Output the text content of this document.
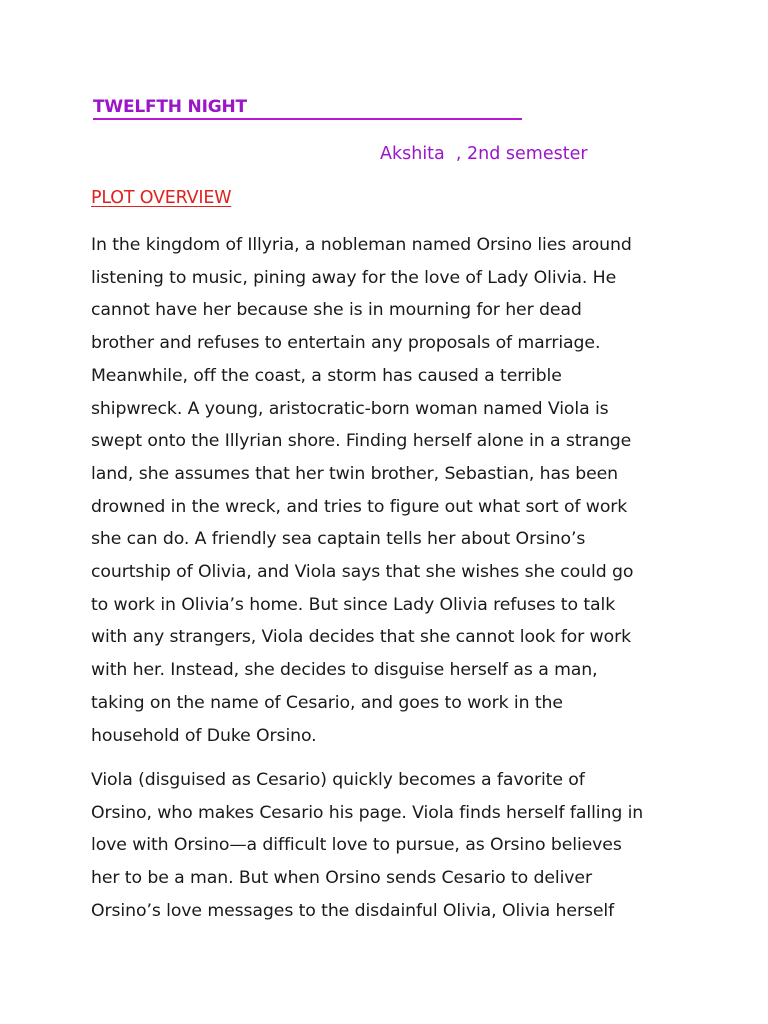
TWELFTH NIGHT
Akshita  , 2nd semester
PLOT OVERVIEW

In the kingdom of Illyria, a nobleman named Orsino lies around
listening to music, pining away for the love of Lady Olivia. He
cannot have her because she is in mourning for her dead
brother and refuses to entertain any proposals of marriage.
Meanwhile, off the coast, a storm has caused a terrible
shipwreck. A young, aristocratic-born woman named Viola is
swept onto the Illyrian shore. Finding herself alone in a strange
land, she assumes that her twin brother, Sebastian, has been
drowned in the wreck, and tries to figure out what sort of work
she can do. A friendly sea captain tells her about Orsino’s
courtship of Olivia, and Viola says that she wishes she could go
to work in Olivia’s home. But since Lady Olivia refuses to talk
with any strangers, Viola decides that she cannot look for work
with her. Instead, she decides to disguise herself as a man,
taking on the name of Cesario, and goes to work in the
household of Duke Orsino.

Viola (disguised as Cesario) quickly becomes a favorite of
Orsino, who makes Cesario his page. Viola finds herself falling in
love with Orsino—a difficult love to pursue, as Orsino believes
her to be a man. But when Orsino sends Cesario to deliver
Orsino’s love messages to the disdainful Olivia, Olivia herself
